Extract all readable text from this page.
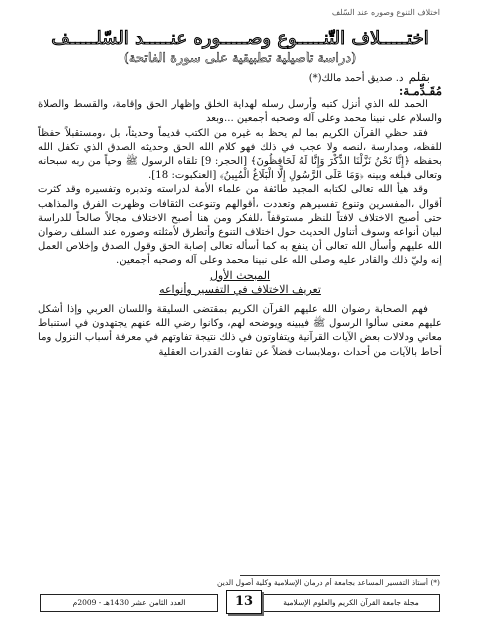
اختلاف التنوع وصوره عند السّلف
اختـــــلاف التّنـــــوع وصـــــوره عنـــــد السّلـــــف
(دراسة تأصيلية تطبيقية على سورة الفاتحة)
بقلم د. صديق أحمد مالك(*)

مُقَـدِّمـة:

الحمد لله الذي أنزل كتبه وأرسل رسله لهداية الخلق وإظهار الحق وإقامة، والقسط والصلاة والسلام على نبينا محمد وعلى آله وصحبه أجمعين ...وبعد

فقد حظي القرآن الكريم بما لم يحظ به غيره من الكتب قديماً وحديثاً، بل ،ومستقبلاً حفظاً للفظه، ومدارسة ،لنصه ولا عجب في ذلك فهو كلام الله الحق وحديثه الصدق الذي تكفل الله بحفظه ﴿إِنَّا نَحْنُ نَزَّلْنَا الذِّكْرَ وَإِنَّا لَهُ لَحَافِظُونَ﴾ [الحجر: 9] تلقاه الرسول ﷺ وحياً من ربه سبحانه وتعالى فبلغه وبينه ﴿وَمَا عَلَى الرَّسُولِ إِلَّا الْبَلَاغُ الْمُبِينُ﴾ [العنكبوت: 18].

وقد هيأ الله تعالى لكتابه المجيد طائفة من علماء الأمة لدراسته وتدبره وتفسيره وقد كثرت أقوال ،المفسرين وتنوع تفسيرهم وتعددت ،أقوالهم وتنوعت الثقافات وظهرت الفرق والمذاهب حتى أصبح الاختلاف لافتاً للنظر مستوقفاً ،للفكر ومن هنا أصبح الاختلاف مجالاً صالحاً للدراسة لبيان أنواعه وسوف أتناول الحديث حول اختلاف التنوع وأتطرق لأمثلته وصوره عند السلف رضوان الله عليهم وأسأل الله تعالى أن ينفع به كما أسأله تعالى إصابة الحق وقول الصدق وإخلاص العمل إنه وليّ ذلك والقادر عليه وصلى الله على نبينا محمد وعلى آله وصحبه أجمعين.

المبحث الأول

تعريف الاختلاف في التفسير وأنواعه

فهم الصحابة رضوان الله عليهم القرآن الكريم بمقتضى السليقة واللسان العربي وإذا أشكل عليهم معنى سألوا الرسول ﷺ فيبينه ويوضحه لهم، وكانوا رضي الله عنهم يجتهدون في استنباط معاني ودلالات بعض الآيات القرآنية ويتفاوتون في ذلك نتيجة تفاوتهم في معرفة أسباب النزول وما أحاط بالآيات من أحداث ،وملابسات فضلاً عن تفاوت القدرات العقلية

(*) أستاذ التفسير المساعد بجامعة أم درمان الإسلامية وكلية أصول الدين
مجلة جامعة القرآن الكريم والعلوم الإسلامية
13
العدد الثامن عشر 1430هـ - 2009م
